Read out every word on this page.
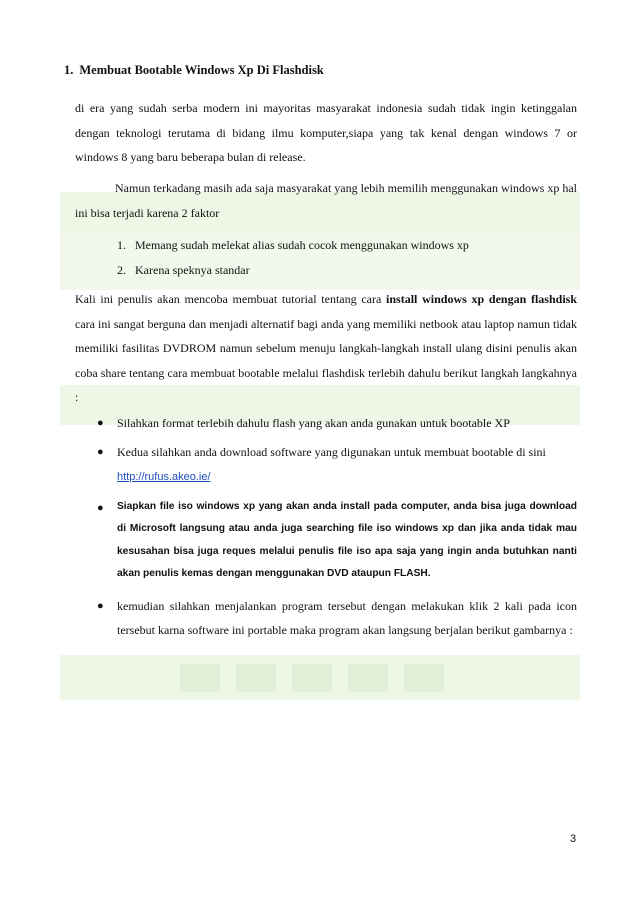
1. Membuat Bootable Windows Xp Di Flashdisk
di era yang sudah serba modern ini mayoritas masyarakat indonesia sudah tidak ingin ketinggalan dengan teknologi terutama di bidang ilmu komputer,siapa yang tak kenal dengan windows 7 or windows 8 yang baru beberapa bulan di release.
Namun terkadang masih ada saja masyarakat yang lebih memilih menggunakan windows xp hal ini bisa terjadi karena 2 faktor
1. Memang sudah melekat alias sudah cocok menggunakan windows xp
2. Karena speknya standar
Kali ini penulis akan mencoba membuat tutorial tentang cara install windows xp dengan flashdisk cara ini sangat berguna dan menjadi alternatif bagi anda yang memiliki netbook atau laptop namun tidak memiliki fasilitas DVDROM namun sebelum menuju langkah-langkah install ulang disini penulis akan coba share tentang cara membuat bootable melalui flashdisk terlebih dahulu berikut langkah langkahnya :
●	Silahkan format terlebih dahulu flash yang akan anda gunakan untuk bootable XP
●	Kedua silahkan anda download software yang digunakan untuk membuat bootable di sini
http://rufus.akeo.ie/
●	Siapkan file iso windows xp yang akan anda install pada computer, anda bisa juga download di Microsoft langsung atau anda juga searching file iso windows xp dan jika anda tidak mau kesusahan bisa juga reques melalui penulis file iso apa saja yang ingin anda butuhkan nanti akan penulis kemas dengan menggunakan DVD ataupun FLASH.
●	kemudian silahkan menjalankan program tersebut dengan melakukan klik 2 kali pada icon tersebut karna software ini portable maka program akan langsung berjalan berikut gambarnya :
3
